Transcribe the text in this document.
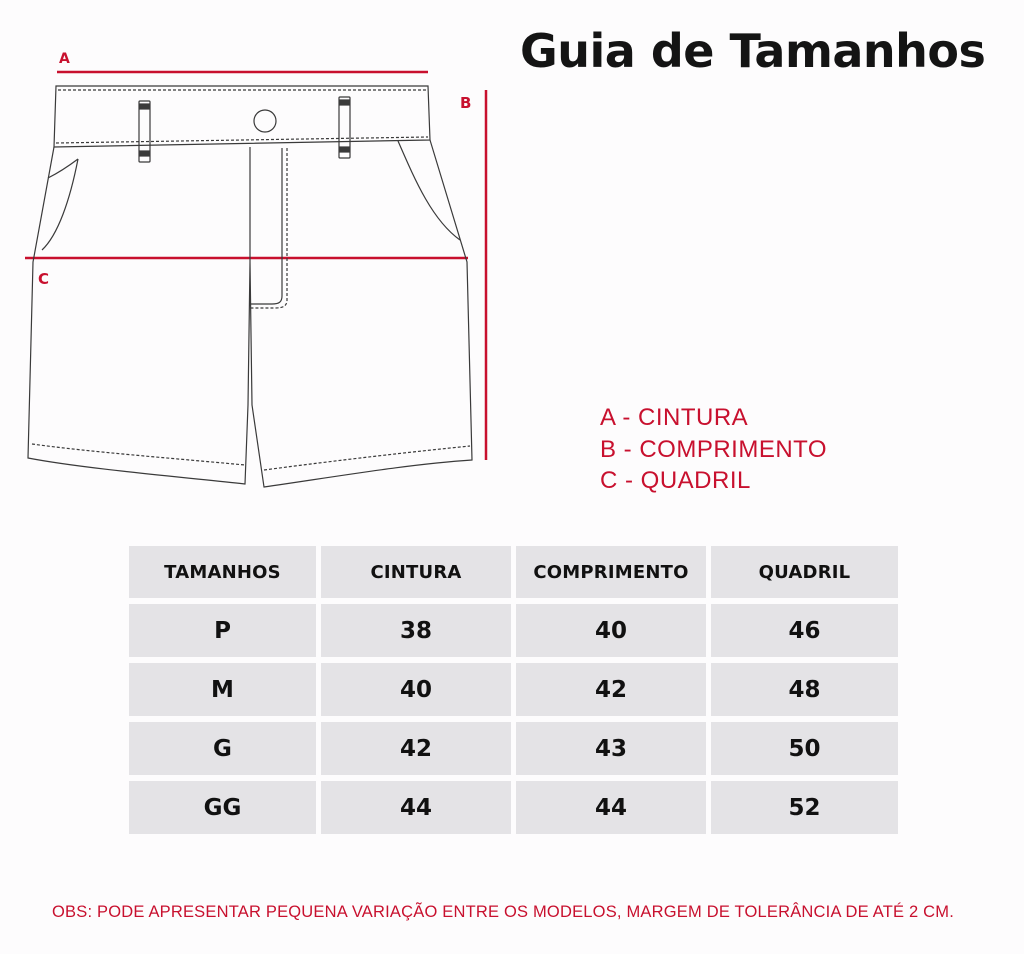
Guia de Tamanhos
A
B
C
A - CINTURA
B - COMPRIMENTO
C - QUADRIL
TAMANHOS	CINTURA	COMPRIMENTO	QUADRIL
P	38	40	46
M	40	42	48
G	42	43	50
GG	44	44	52
OBS: PODE APRESENTAR PEQUENA VARIAÇÃO ENTRE OS MODELOS, MARGEM DE TOLERÂNCIA DE ATÉ 2 CM.
